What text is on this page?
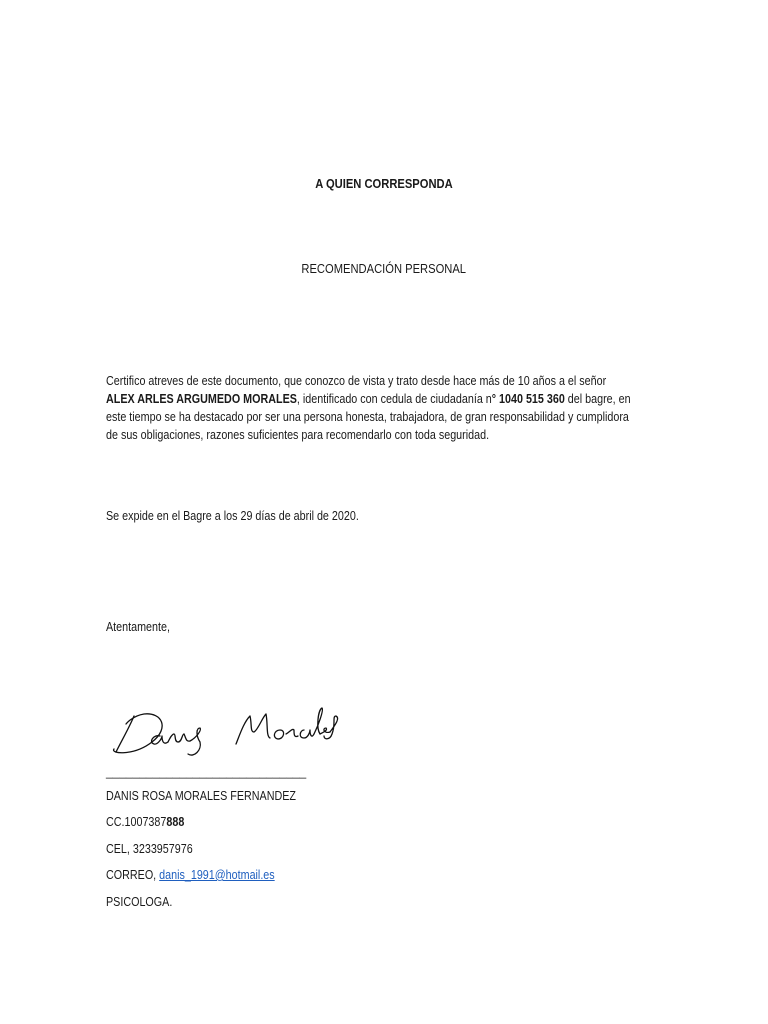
A QUIEN CORRESPONDA
RECOMENDACIÓN PERSONAL
Certifico atreves de este documento, que conozco de vista y trato desde hace más de 10 años a el señor
ALEX ARLES ARGUMEDO MORALES, identificado con cedula de ciudadanía n° 1040 515 360 del bagre, en
este tiempo se ha destacado por ser una persona honesta, trabajadora, de gran responsabilidad y cumplidora
de sus obligaciones, razones suficientes para recomendarlo con toda seguridad.
Se expide en el Bagre a los 29 días de abril de 2020.
Atentamente,
______________________________
DANIS ROSA MORALES FERNANDEZ
CC.1007387888
CEL, 3233957976
CORREO, danis_1991@hotmail.es
PSICOLOGA.
